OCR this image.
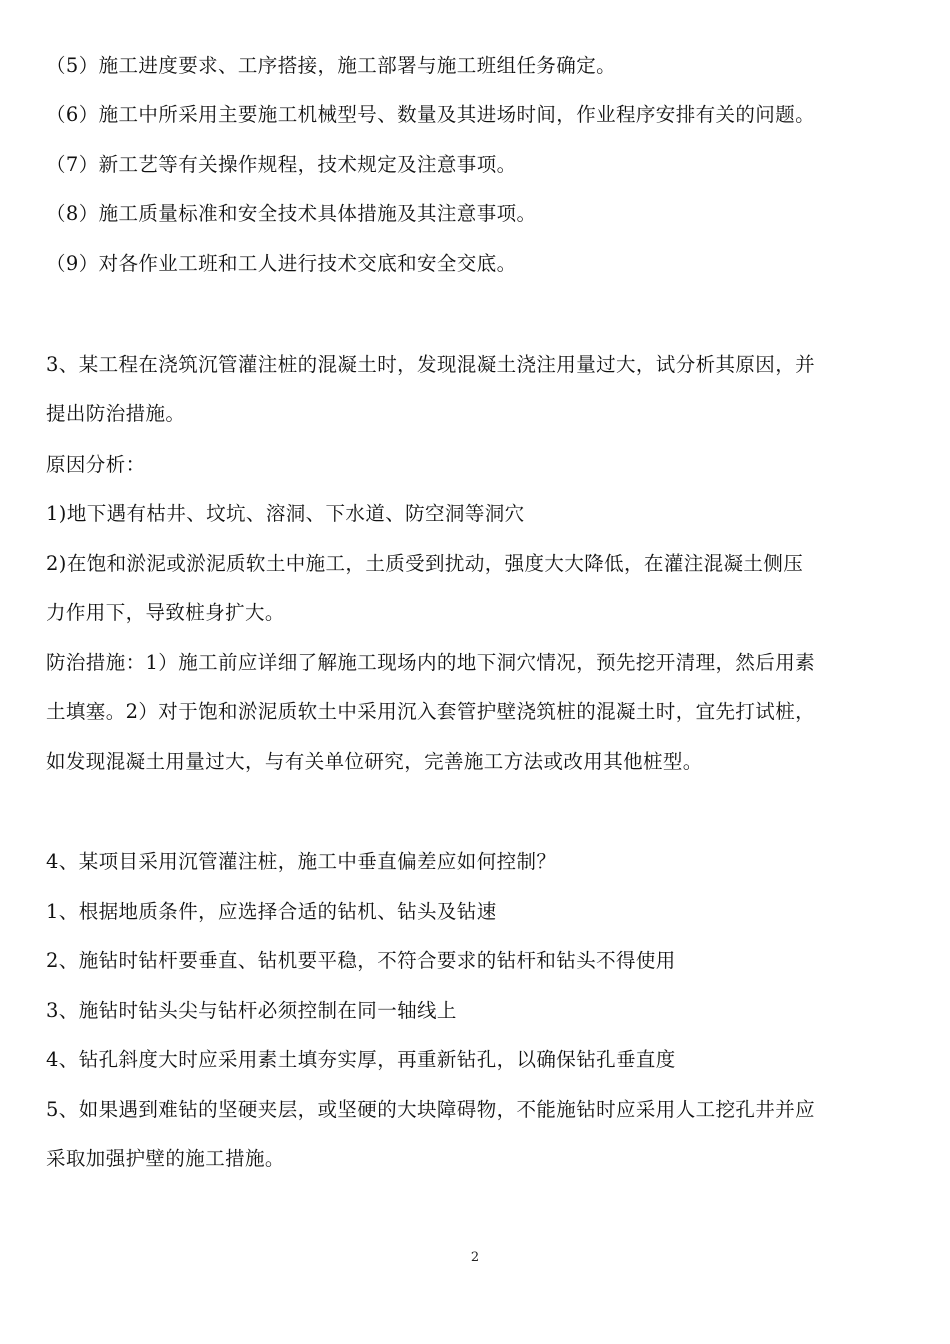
（5）施工进度要求、工序搭接，施工部署与施工班组任务确定。
（6）施工中所采用主要施工机械型号、数量及其进场时间，作业程序安排有关的问题。
（7）新工艺等有关操作规程，技术规定及注意事项。
（8）施工质量标准和安全技术具体措施及其注意事项。
（9）对各作业工班和工人进行技术交底和安全交底。
3、某工程在浇筑沉管灌注桩的混凝土时，发现混凝土浇注用量过大，试分析其原因，并
提出防治措施。
原因分析：
1)地下遇有枯井、坟坑、溶洞、下水道、防空洞等洞穴
2)在饱和淤泥或淤泥质软土中施工，土质受到扰动，强度大大降低，在灌注混凝土侧压
力作用下，导致桩身扩大。
防治措施：1）施工前应详细了解施工现场内的地下洞穴情况，预先挖开清理，然后用素
土填塞。2）对于饱和淤泥质软土中采用沉入套管护壁浇筑桩的混凝土时，宜先打试桩，
如发现混凝土用量过大，与有关单位研究，完善施工方法或改用其他桩型。
4、某项目采用沉管灌注桩，施工中垂直偏差应如何控制？
1、根据地质条件，应选择合适的钻机、钻头及钻速
2、施钻时钻杆要垂直、钻机要平稳，不符合要求的钻杆和钻头不得使用
3、施钻时钻头尖与钻杆必须控制在同一轴线上
4、钻孔斜度大时应采用素土填夯实厚，再重新钻孔，以确保钻孔垂直度
5、如果遇到难钻的坚硬夹层，或坚硬的大块障碍物，不能施钻时应采用人工挖孔井并应
采取加强护壁的施工措施。
2
